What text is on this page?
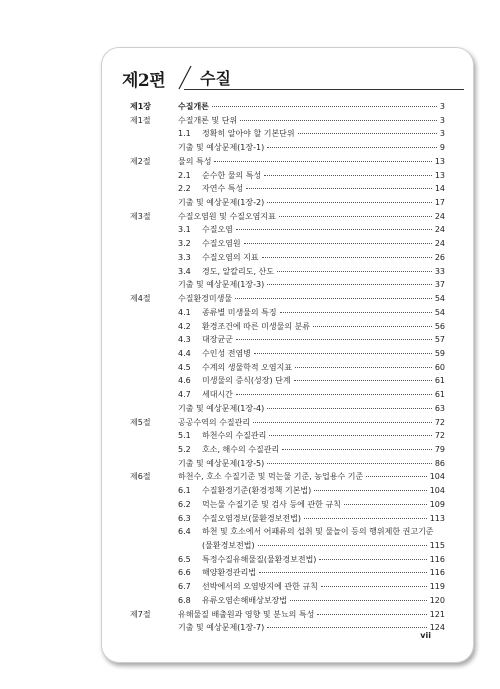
제2편 수질
제1장	수질개론	3
제1절	수질개론 및 단위	3
1.1	정확히 알아야 할 기본단위	3
기출 및 예상문제(1장-1)	9
제2절	물의 특성	13
2.1	순수한 물의 특성	13
2.2	자연수 특성	14
기출 및 예상문제(1장-2)	17
제3절	수질오염원 및 수질오염지표	24
3.1	수질오염	24
3.2	수질오염원	24
3.3	수질오염의 지표	26
3.4	경도, 알칼리도, 산도	33
기출 및 예상문제(1장-3)	37
제4절	수질환경미생물	54
4.1	종류별 미생물의 특징	54
4.2	환경조건에 따른 미생물의 분류	56
4.3	대장균군	57
4.4	수인성 전염병	59
4.5	수계의 생물학적 오염지표	60
4.6	미생물의 증식(성장) 단계	61
4.7	세대시간	61
기출 및 예상문제(1장-4)	63
제5절	공공수역의 수질관리	72
5.1	하천수의 수질관리	72
5.2	호소, 해수의 수질관리	79
기출 및 예상문제(1장-5)	86
제6절	하천수, 호소 수질기준 및 먹는물 기준, 농업용수 기준	104
6.1	수질환경기준(환경정책 기본법)	104
6.2	먹는물 수질기준 및 검사 등에 관한 규칙	109
6.3	수질오염경보(물환경보전법)	113
6.4	하천 및 호소에서 어패류의 섭취 및 물놀이 등의 행위제한 권고기준
(물환경보전법)	115
6.5	특정수질유해물질(물환경보전법)	116
6.6	해양환경관리법	116
6.7	선박에서의 오염방지에 관한 규칙	119
6.8	유류오염손해배상보장법	120
제7절	유해물질 배출원과 영향 및 분뇨의 특성	121
기출 및 예상문제(1장-7)	124
vii
